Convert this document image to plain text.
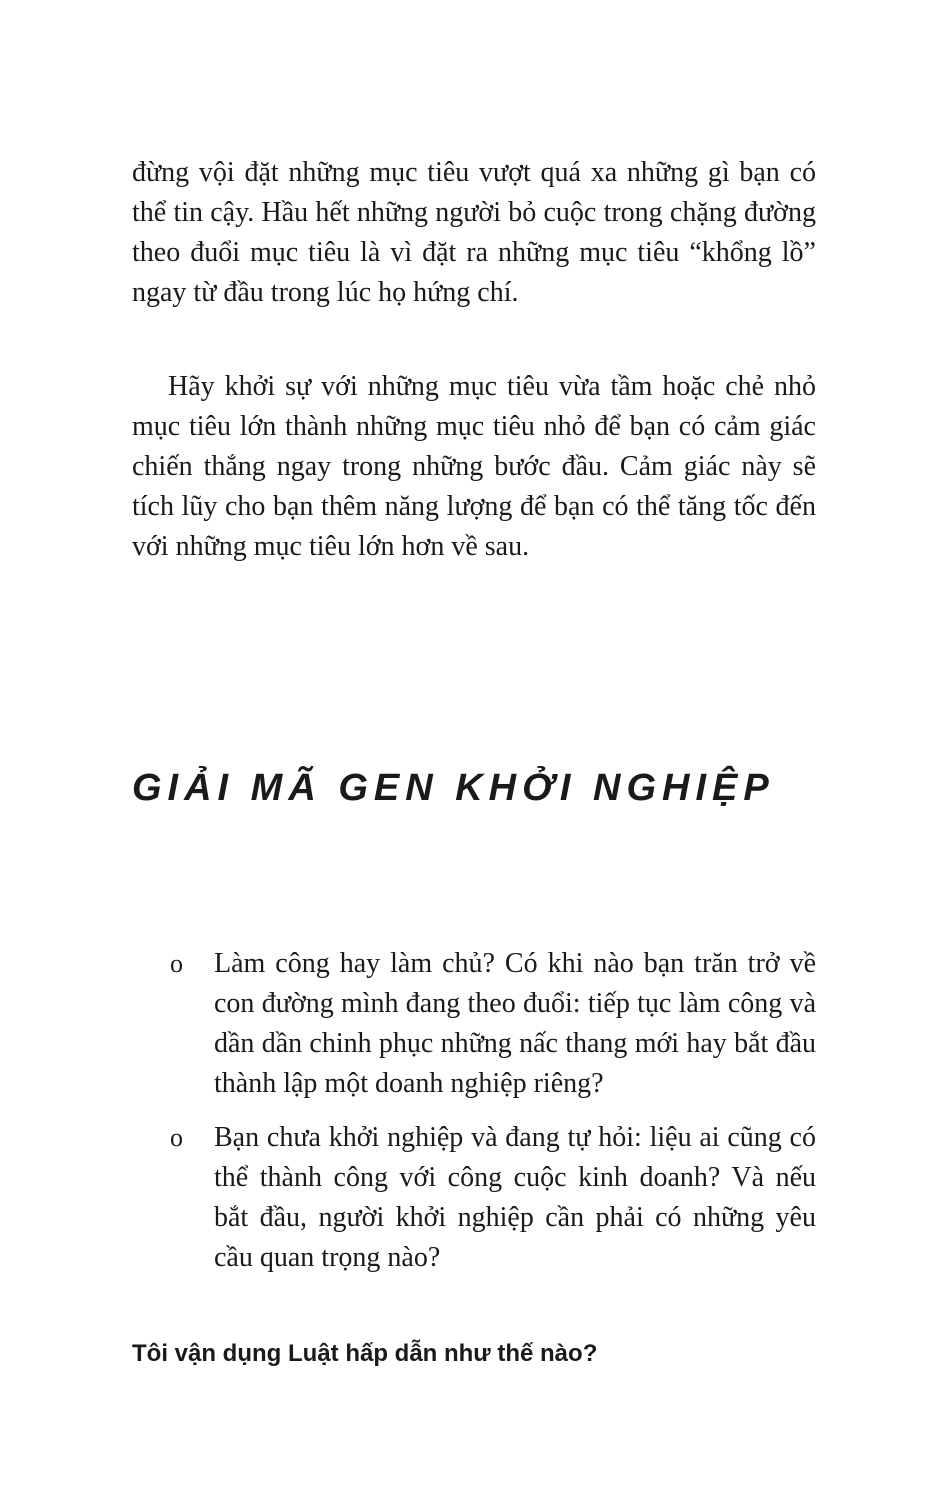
đừng vội đặt những mục tiêu vượt quá xa những gì bạn có thể tin cậy. Hầu hết những người bỏ cuộc trong chặng đường theo đuổi mục tiêu là vì đặt ra những mục tiêu “khổng lồ” ngay từ đầu trong lúc họ hứng chí.

Hãy khởi sự với những mục tiêu vừa tầm hoặc chẻ nhỏ mục tiêu lớn thành những mục tiêu nhỏ để bạn có cảm giác chiến thắng ngay trong những bước đầu. Cảm giác này sẽ tích lũy cho bạn thêm năng lượng để bạn có thể tăng tốc đến với những mục tiêu lớn hơn về sau.

GIẢI MÃ GEN KHỞI NGHIỆP
o Làm công hay làm chủ? Có khi nào bạn trăn trở về con đường mình đang theo đuổi: tiếp tục làm công và dần dần chinh phục những nấc thang mới hay bắt đầu thành lập một doanh nghiệp riêng?
o Bạn chưa khởi nghiệp và đang tự hỏi: liệu ai cũng có thể thành công với công cuộc kinh doanh? Và nếu bắt đầu, người khởi nghiệp cần phải có những yêu cầu quan trọng nào?
Tôi vận dụng Luật hấp dẫn như thế nào?
